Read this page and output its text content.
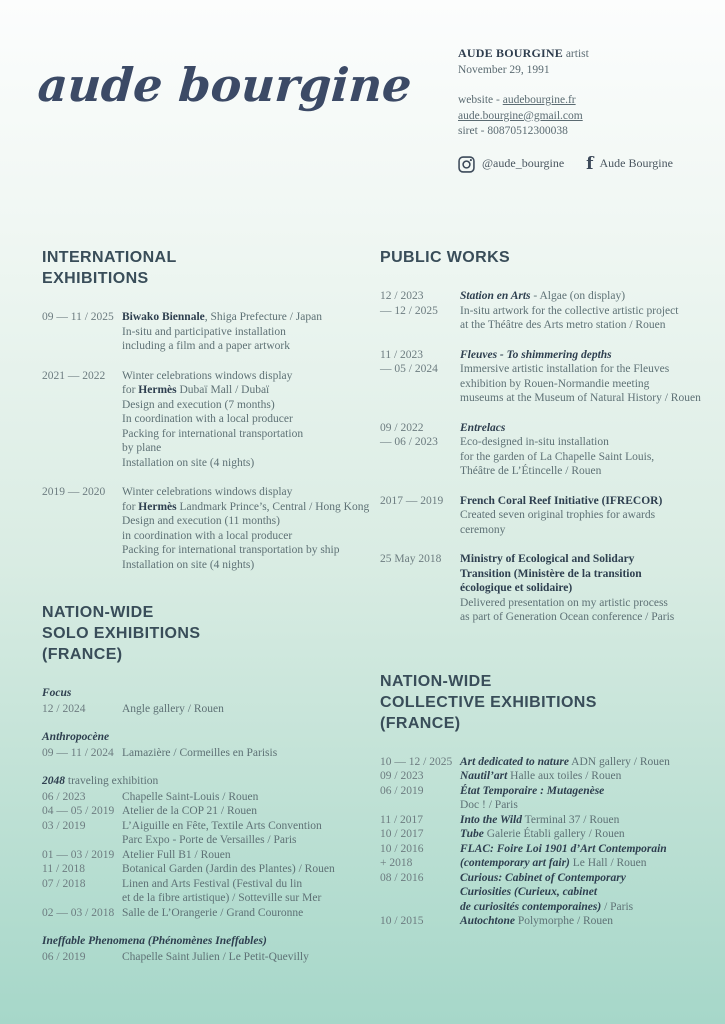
aude bourgine
AUDE BOURGINE artist
November 29, 1991
website - audebourgine.fr
aude.bourgine@gmail.com
siret - 80870512300038
@aude_bourgine f Aude Bourgine
INTERNATIONAL
EXHIBITIONS
09 — 11 / 2025 Biwako Biennale, Shiga Prefecture / Japan
In-situ and participative installation
including a film and a paper artwork
2021 — 2022	Winter celebrations windows display
for Hermès Dubaï Mall / Dubaï
Design and execution (7 months)
In coordination with a local producer
Packing for international transportation
by plane
Installation on site (4 nights)
2019 — 2020	Winter celebrations windows display
for Hermès Landmark Prince’s, Central / Hong Kong
Design and execution (11 months)
in coordination with a local producer
Packing for international transportation by ship
Installation on site (4 nights)
NATION-WIDE
SOLO EXHIBITIONS
(FRANCE)
Focus
12 / 2024	Angle gallery / Rouen
Anthropocène
09 — 11 / 2024 Lamazière / Cormeilles en Parisis
2048 traveling exhibition
06 / 2023	Chapelle Saint-Louis / Rouen
04 — 05 / 2019 Atelier de la COP 21 / Rouen
03 / 2019	L’Aiguille en Fête, Textile Arts Convention
Parc Expo - Porte de Versailles / Paris
01 — 03 / 2019 Atelier Full B1 / Rouen
11 / 2018	Botanical Garden (Jardin des Plantes) / Rouen
07 / 2018	Linen and Arts Festival (Festival du lin
et de la fibre artistique) / Sotteville sur Mer
02 — 03 / 2018 Salle de L’Orangerie / Grand Couronne
Ineffable Phenomena (Phénomènes Ineffables)
06 / 2019	Chapelle Saint Julien / Le Petit-Quevilly
PUBLIC WORKS
12 / 2023
— 12 / 2025
Station en Arts - Algae (on display)
In-situ artwork for the collective artistic project
at the Théâtre des Arts metro station / Rouen
11 / 2023
— 05 / 2024
Fleuves - To shimmering depths
Immersive artistic installation for the Fleuves
exhibition by Rouen-Normandie meeting
museums at the Museum of Natural History / Rouen
09 / 2022
— 06 / 2023
Entrelacs
Eco-designed in-situ installation
for the garden of La Chapelle Saint Louis,
Théâtre de L’Étincelle / Rouen
2017 — 2019	French Coral Reef Initiative (IFRECOR)
Created seven original trophies for awards
ceremony
25 May 2018	Ministry of Ecological and Solidary
Transition (Ministère de la transition
écologique et solidaire)
Delivered presentation on my artistic process
as part of Generation Ocean conference / Paris
NATION-WIDE
COLLECTIVE EXHIBITIONS
(FRANCE)
10 — 12 / 2025 Art dedicated to nature ADN gallery / Rouen
09 / 2023	Nautil’art Halle aux toiles / Rouen
06 / 2019	État Temporaire : Mutagenèse
Doc ! / Paris
11 / 2017	Into the Wild Terminal 37 / Rouen
10 / 2017	Tube Galerie Établi gallery / Rouen
10 / 2016
+ 2018
FLAC: Foire Loi 1901 d’Art Contemporain
(contemporary art fair) Le Hall / Rouen
08 / 2016	Curious: Cabinet of Contemporary
Curiosities (Curieux, cabinet
de curiosités contemporaines) / Paris
10 / 2015	Autochtone Polymorphe / Rouen
